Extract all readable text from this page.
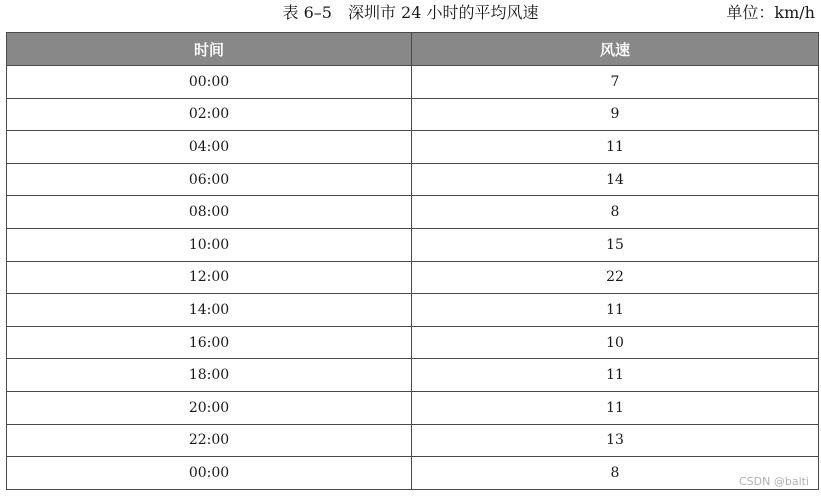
表 6–5　深圳市 24 小时的平均风速	单位：km/h
时间	风速
00:00	7
02:00	9
04:00	11
06:00	14
08:00	8
10:00	15
12:00	22
14:00	11
16:00	10
18:00	11
20:00	11
22:00	13
00:00	8
CSDN @balti
